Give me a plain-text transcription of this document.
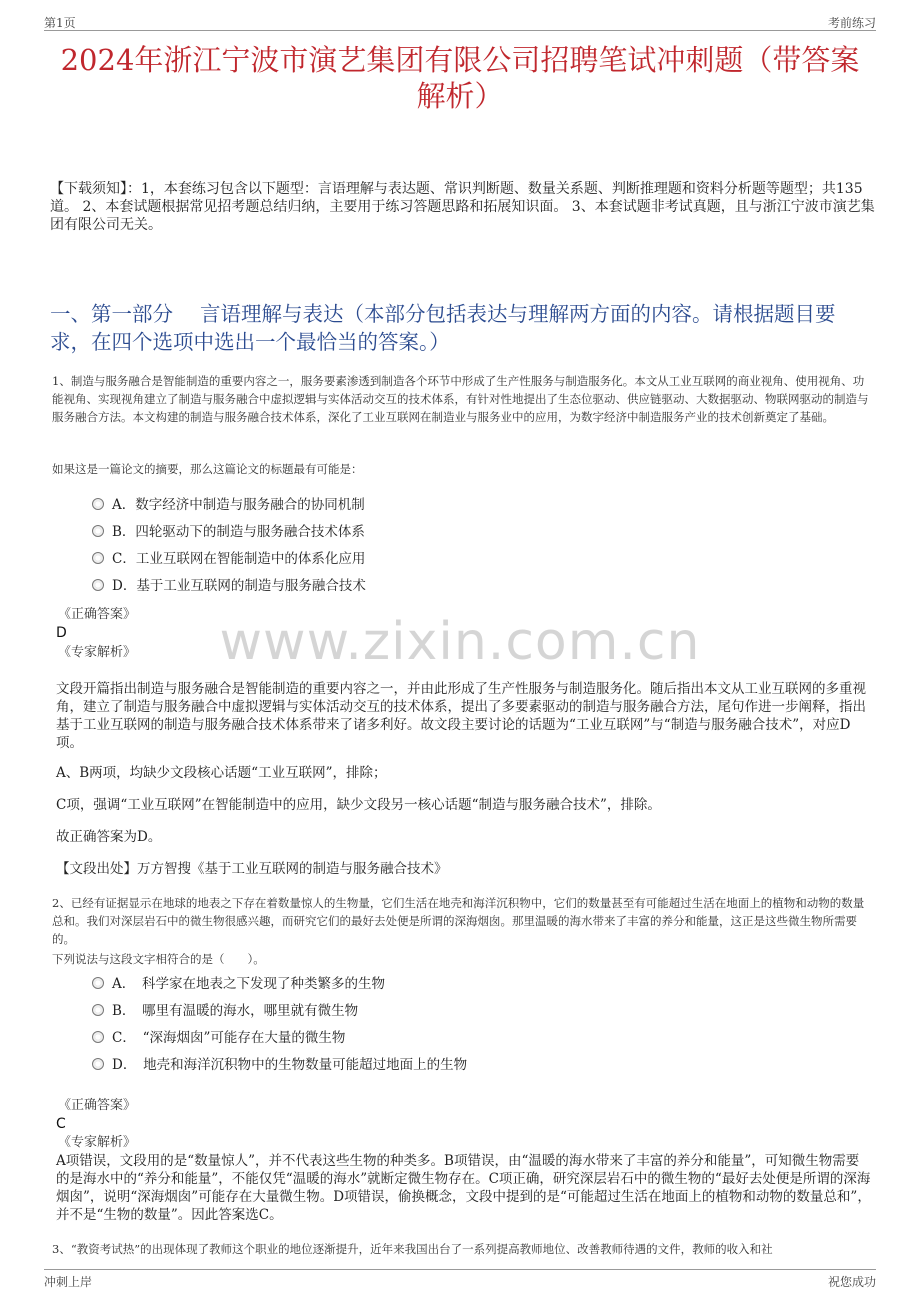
第1页	考前练习
2024年浙江宁波市演艺集团有限公司招聘笔试冲刺题（带答案
解析）
【下载须知】：1，本套练习包含以下题型：言语理解与表达题、常识判断题、数量关系题、判断推理题和资料分析题等题型；共135道。 2、本套试题根据常见招考题总结归纳，主要用于练习答题思路和拓展知识面。 3、本套试题非考试真题，且与浙江宁波市演艺集团有限公司无关。
一、第一部分　 言语理解与表达（本部分包括表达与理解两方面的内容。请根据题目要求，在四个选项中选出一个最恰当的答案。）
www.zixin.com.cn
1、制造与服务融合是智能制造的重要内容之一，服务要素渗透到制造各个环节中形成了生产性服务与制造服务化。本文从工业互联网的商业视角、使用视角、功能视角、实现视角建立了制造与服务融合中虚拟逻辑与实体活动交互的技术体系，有针对性地提出了生态位驱动、供应链驱动、大数据驱动、物联网驱动的制造与服务融合方法。本文构建的制造与服务融合技术体系，深化了工业互联网在制造业与服务业中的应用，为数字经济中制造服务产业的技术创新奠定了基础。
如果这是一篇论文的摘要，那么这篇论文的标题最有可能是：
A．数字经济中制造与服务融合的协同机制
B．四轮驱动下的制造与服务融合技术体系
C．工业互联网在智能制造中的体系化应用
D．基于工业互联网的制造与服务融合技术
《正确答案》
D
《专家解析》
文段开篇指出制造与服务融合是智能制造的重要内容之一，并由此形成了生产性服务与制造服务化。随后指出本文从工业互联网的多重视角，建立了制造与服务融合中虚拟逻辑与实体活动交互的技术体系，提出了多要素驱动的制造与服务融合方法，尾句作进一步阐释，指出基于工业互联网的制造与服务融合技术体系带来了诸多利好。故文段主要讨论的话题为“工业互联网”与“制造与服务融合技术”，对应D项。
A、B两项，均缺少文段核心话题“工业互联网”，排除；
C项，强调“工业互联网”在智能制造中的应用，缺少文段另一核心话题“制造与服务融合技术”，排除。
故正确答案为D。
【文段出处】万方智搜《基于工业互联网的制造与服务融合技术》
2、已经有证据显示在地球的地表之下存在着数量惊人的生物量，它们生活在地壳和海洋沉积物中，它们的数量甚至有可能超过生活在地面上的植物和动物的数量总和。我们对深层岩石中的微生物很感兴趣，而研究它们的最好去处便是所谓的深海烟囱。那里温暖的海水带来了丰富的养分和能量，这正是这些微生物所需要的。
下列说法与这段文字相符合的是（　　）。
A．　科学家在地表之下发现了种类繁多的生物
B．　哪里有温暖的海水，哪里就有微生物
C．　“深海烟囱”可能存在大量的微生物
D．　地壳和海洋沉积物中的生物数量可能超过地面上的生物
《正确答案》
C
《专家解析》
A项错误，文段用的是“数量惊人”，并不代表这些生物的种类多。B项错误，由“温暖的海水带来了丰富的养分和能量”，可知微生物需要的是海水中的“养分和能量”，不能仅凭“温暖的海水”就断定微生物存在。C项正确，研究深层岩石中的微生物的“最好去处便是所谓的深海烟囱”，说明“深海烟囱”可能存在大量微生物。D项错误，偷换概念，文段中提到的是“可能超过生活在地面上的植物和动物的数量总和”，并不是“生物的数量”。因此答案选C。
3、“教资考试热”的出现体现了教师这个职业的地位逐渐提升，近年来我国出台了一系列提高教师地位、改善教师待遇的文件，教师的收入和社
冲刺上岸	祝您成功
